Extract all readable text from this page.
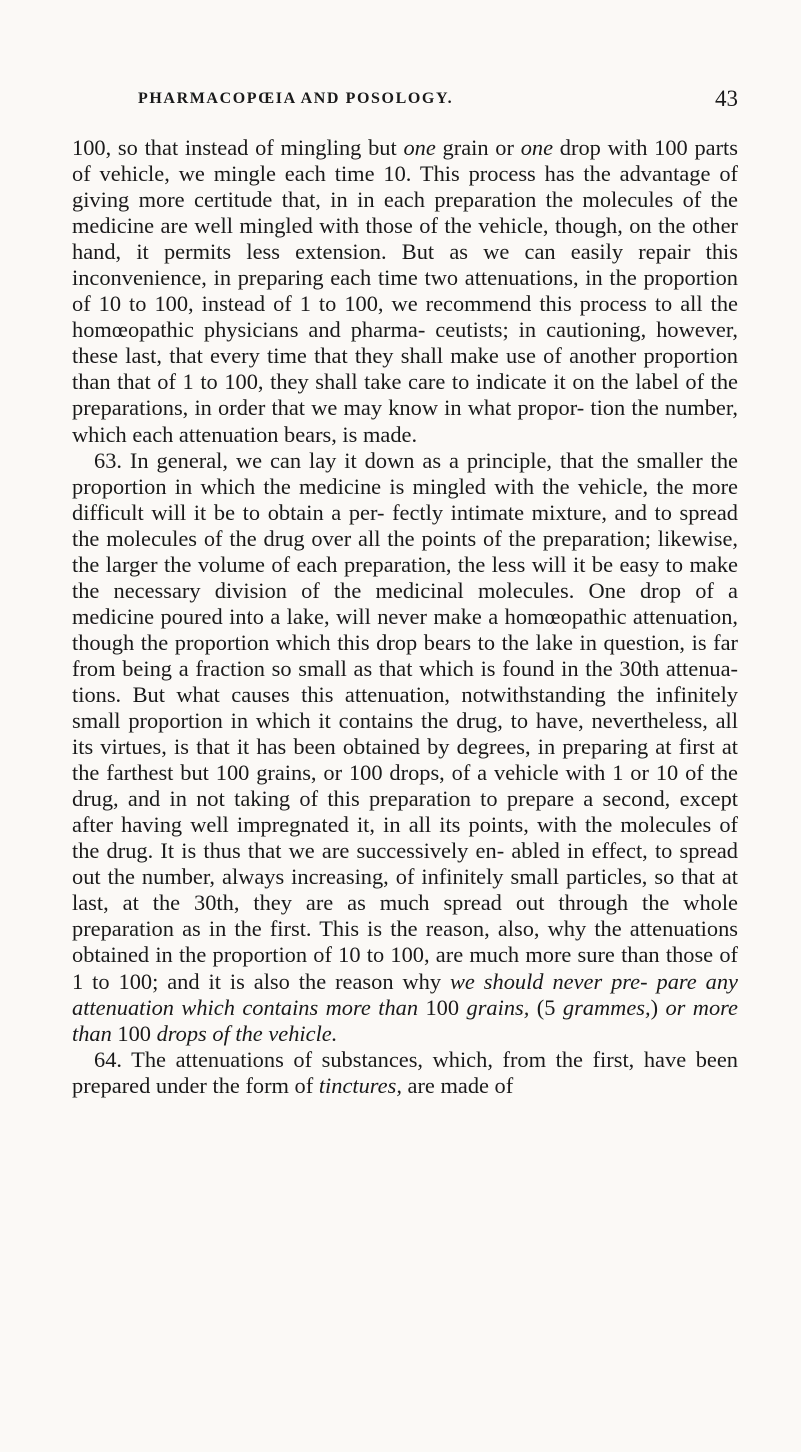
PHARMACOPŒIA AND POSOLOGY.	43

100, so that instead of mingling but one grain or one drop with 100 parts of vehicle, we mingle each time 10. This process has the advantage of giving more certitude that, in in each preparation the molecules of the medicine are well mingled with those of the vehicle, though, on the other hand, it permits less extension. But as we can easily repair this inconvenience, in preparing each time two attenuations, in the proportion of 10 to 100, instead of 1 to 100, we recommend this process to all the homœopathic physicians and pharma- ceutists; in cautioning, however, these last, that every time that they shall make use of another proportion than that of 1 to 100, they shall take care to indicate it on the label of the preparations, in order that we may know in what propor- tion the number, which each attenuation bears, is made.

63. In general, we can lay it down as a principle, that the smaller the proportion in which the medicine is mingled with the vehicle, the more difficult will it be to obtain a per- fectly intimate mixture, and to spread the molecules of the drug over all the points of the preparation; likewise, the larger the volume of each preparation, the less will it be easy to make the necessary division of the medicinal molecules. One drop of a medicine poured into a lake, will never make a homœopathic attenuation, though the proportion which this drop bears to the lake in question, is far from being a fraction so small as that which is found in the 30th attenua- tions. But what causes this attenuation, notwithstanding the infinitely small proportion in which it contains the drug, to have, nevertheless, all its virtues, is that it has been obtained by degrees, in preparing at first at the farthest but 100 grains, or 100 drops, of a vehicle with 1 or 10 of the drug, and in not taking of this preparation to prepare a second, except after having well impregnated it, in all its points, with the molecules of the drug. It is thus that we are successively en- abled in effect, to spread out the number, always increasing, of infinitely small particles, so that at last, at the 30th, they are as much spread out through the whole preparation as in the first. This is the reason, also, why the attenuations obtained in the proportion of 10 to 100, are much more sure than those of 1 to 100; and it is also the reason why we should never pre- pare any attenuation which contains more than 100 grains, (5 grammes,) or more than 100 drops of the vehicle.

64. The attenuations of substances, which, from the first, have been prepared under the form of tinctures, are made of
